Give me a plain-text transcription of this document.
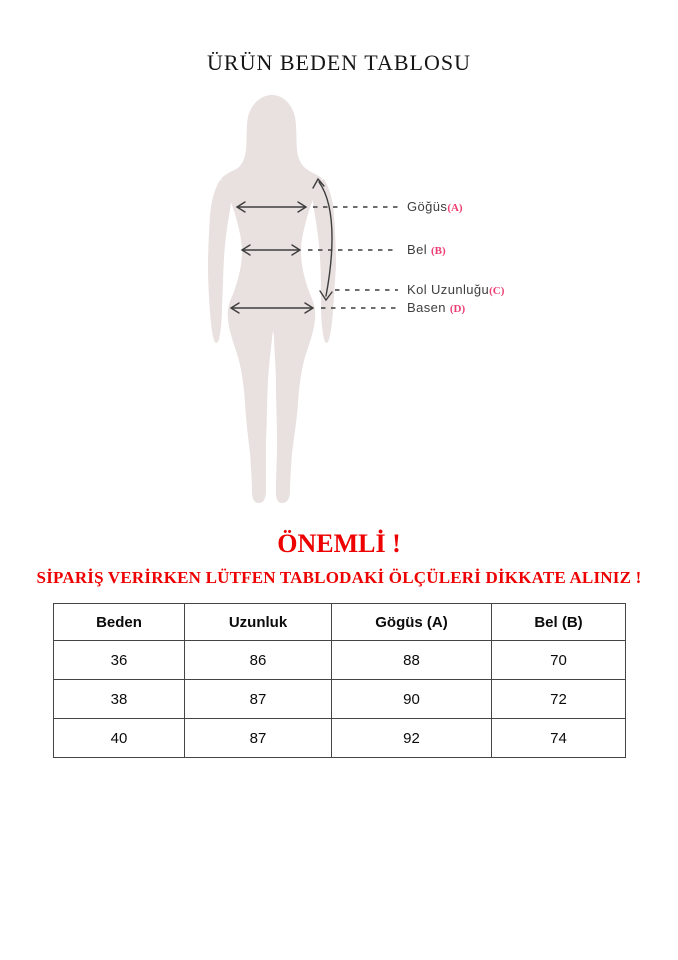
ÜRÜN BEDEN TABLOSU
Göğüs(A)
Bel (B)
Kol Uzunluğu(C)
Basen (D)
ÖNEMLİ !

SİPARİŞ VERİRKEN LÜTFEN TABLODAKİ ÖLÇÜLERİ DİKKATE ALINIZ !

Beden	Uzunluk	Gögüs (A)	Bel (B)
36	86	88	70
38	87	90	72
40	87	92	74
